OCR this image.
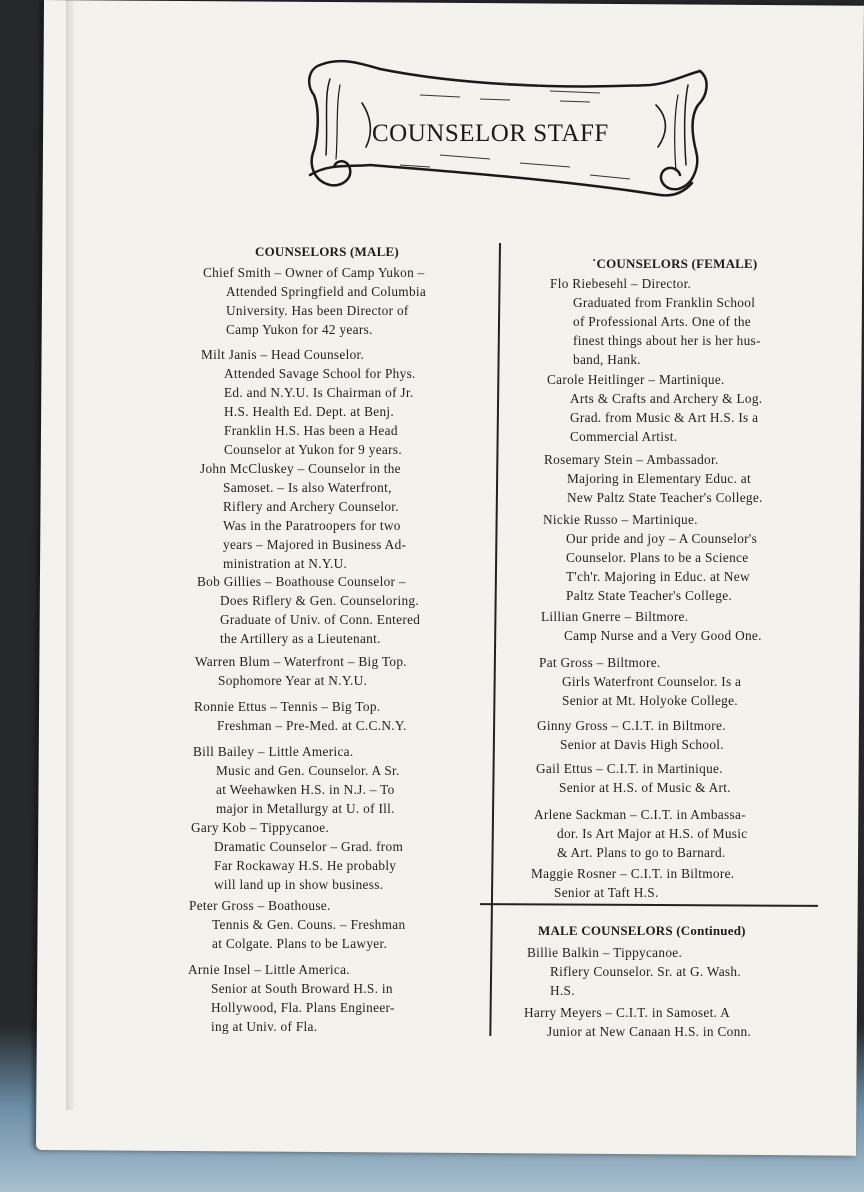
COUNSELOR STAFF
COUNSELORS (MALE)
Chief Smith – Owner of Camp Yukon –
Attended Springfield and Columbia
University. Has been Director of
Camp Yukon for 42 years.
Milt Janis – Head Counselor.
Attended Savage School for Phys.
Ed. and N.Y.U. Is Chairman of Jr.
H.S. Health Ed. Dept. at Benj.
Franklin H.S. Has been a Head
Counselor at Yukon for 9 years.
John McCluskey – Counselor in the
Samoset. – Is also Waterfront,
Riflery and Archery Counselor.
Was in the Paratroopers for two
years – Majored in Business Ad-
ministration at N.Y.U.
Bob Gillies – Boathouse Counselor –
Does Riflery & Gen. Counseloring.
Graduate of Univ. of Conn. Entered
the Artillery as a Lieutenant.
Warren Blum – Waterfront – Big Top.
Sophomore Year at N.Y.U.
Ronnie Ettus – Tennis – Big Top.
Freshman – Pre-Med. at C.C.N.Y.
Bill Bailey – Little America.
Music and Gen. Counselor. A Sr.
at Weehawken H.S. in N.J. – To
major in Metallurgy at U. of Ill.
Gary Kob – Tippycanoe.
Dramatic Counselor – Grad. from
Far Rockaway H.S. He probably
will land up in show business.
Peter Gross – Boathouse.
Tennis & Gen. Couns. – Freshman
at Colgate. Plans to be Lawyer.
Arnie Insel – Little America.
Senior at South Broward H.S. in
Hollywood, Fla. Plans Engineer-
ing at Univ. of Fla.
˙COUNSELORS (FEMALE)
Flo Riebesehl – Director.
Graduated from Franklin School
of Professional Arts. One of the
finest things about her is her hus-
band, Hank.
Carole Heitlinger – Martinique.
Arts & Crafts and Archery & Log.
Grad. from Music & Art H.S. Is a
Commercial Artist.
Rosemary Stein – Ambassador.
Majoring in Elementary Educ. at
New Paltz State Teacher's College.
Nickie Russo – Martinique.
Our pride and joy – A Counselor's
Counselor. Plans to be a Science
T'ch'r. Majoring in Educ. at New
Paltz State Teacher's College.
Lillian Gnerre – Biltmore.
Camp Nurse and a Very Good One.
Pat Gross – Biltmore.
Girls Waterfront Counselor. Is a
Senior at Mt. Holyoke College.
Ginny Gross – C.I.T. in Biltmore.
Senior at Davis High School.
Gail Ettus – C.I.T. in Martinique.
Senior at H.S. of Music & Art.
Arlene Sackman – C.I.T. in Ambassa-
dor. Is Art Major at H.S. of Music
& Art. Plans to go to Barnard.
Maggie Rosner – C.I.T. in Biltmore.
Senior at Taft H.S.
MALE COUNSELORS (Continued)
Billie Balkin – Tippycanoe.
Riflery Counselor. Sr. at G. Wash.
H.S.
Harry Meyers – C.I.T. in Samoset. A
Junior at New Canaan H.S. in Conn.
